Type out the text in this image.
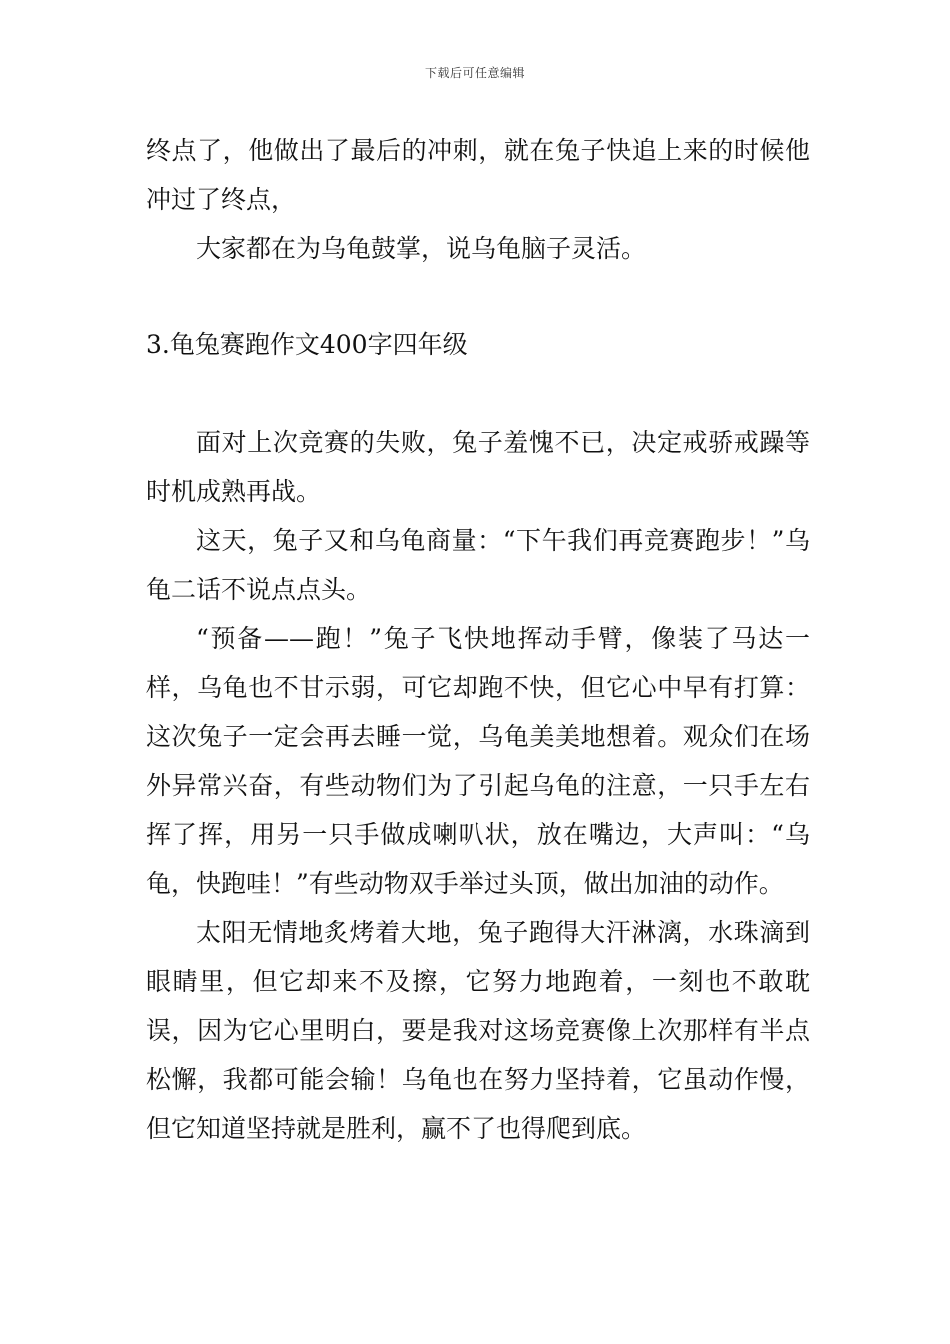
下载后可任意编辑

终点了，他做出了最后的冲刺，就在兔子快追上来的时候他冲过了终点，

大家都在为乌龟鼓掌，说乌龟脑子灵活。

3.龟兔赛跑作文400字四年级

面对上次竞赛的失败，兔子羞愧不已，决定戒骄戒躁等时机成熟再战。

这天，兔子又和乌龟商量：“下午我们再竞赛跑步！”乌龟二话不说点点头。

“预备——跑！”兔子飞快地挥动手臂，像装了马达一样，乌龟也不甘示弱，可它却跑不快，但它心中早有打算：这次兔子一定会再去睡一觉，乌龟美美地想着。观众们在场外异常兴奋，有些动物们为了引起乌龟的注意，一只手左右挥了挥，用另一只手做成喇叭状，放在嘴边，大声叫：“乌龟，快跑哇！”有些动物双手举过头顶，做出加油的动作。

太阳无情地炙烤着大地，兔子跑得大汗淋漓，水珠滴到眼睛里，但它却来不及擦，它努力地跑着，一刻也不敢耽误，因为它心里明白，要是我对这场竞赛像上次那样有半点松懈，我都可能会输！乌龟也在努力坚持着，它虽动作慢，但它知道坚持就是胜利，赢不了也得爬到底。
